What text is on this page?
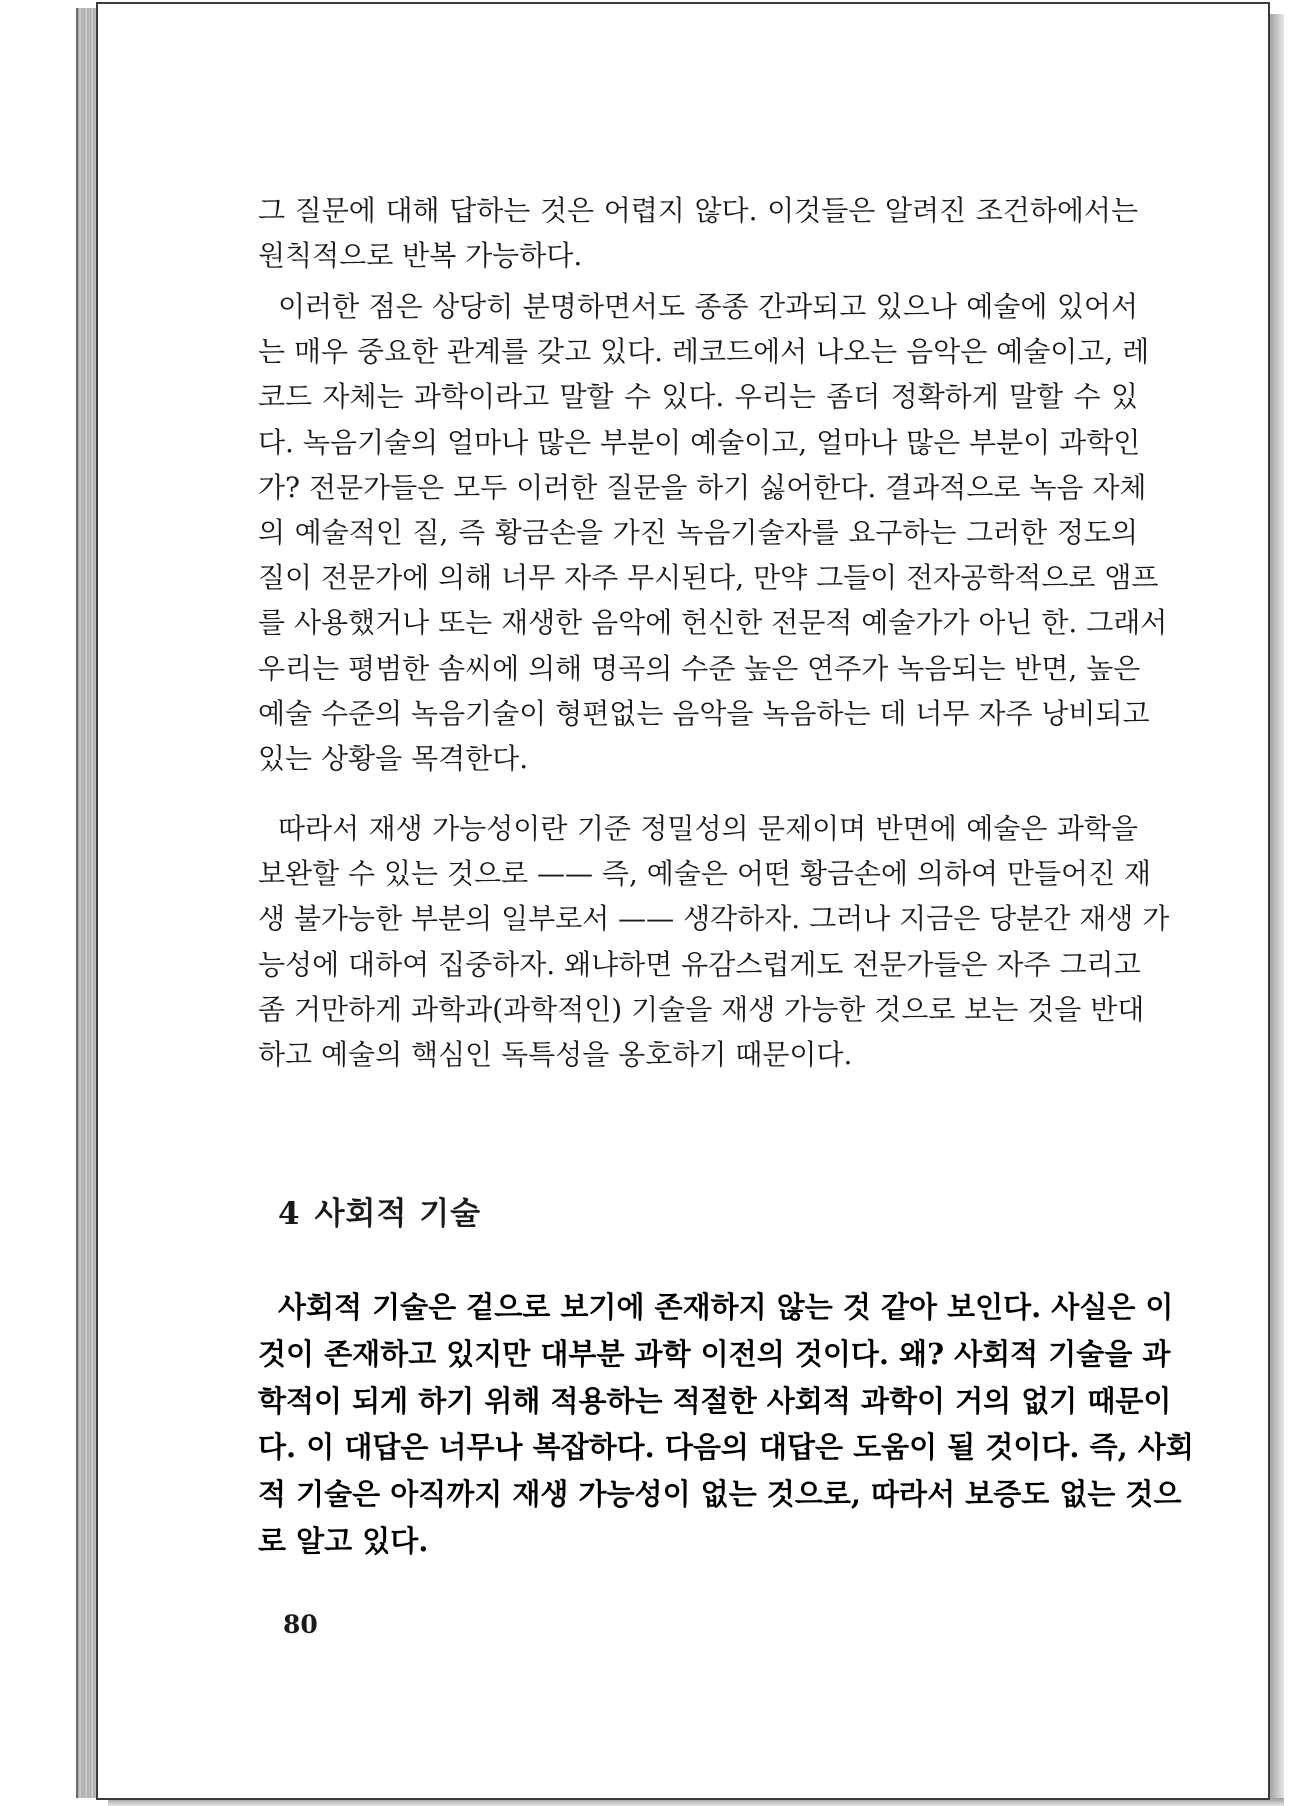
그 질문에 대해 답하는 것은 어렵지 않다. 이것들은 알려진 조건하에서는
원칙적으로 반복 가능하다.
이러한 점은 상당히 분명하면서도 종종 간과되고 있으나 예술에 있어서
는 매우 중요한 관계를 갖고 있다. 레코드에서 나오는 음악은 예술이고, 레
코드 자체는 과학이라고 말할 수 있다. 우리는 좀더 정확하게 말할 수 있
다. 녹음기술의 얼마나 많은 부분이 예술이고, 얼마나 많은 부분이 과학인
가? 전문가들은 모두 이러한 질문을 하기 싫어한다. 결과적으로 녹음 자체
의 예술적인 질, 즉 황금손을 가진 녹음기술자를 요구하는 그러한 정도의
질이 전문가에 의해 너무 자주 무시된다, 만약 그들이 전자공학적으로 앰프
를 사용했거나 또는 재생한 음악에 헌신한 전문적 예술가가 아닌 한. 그래서
우리는 평범한 솜씨에 의해 명곡의 수준 높은 연주가 녹음되는 반면, 높은
예술 수준의 녹음기술이 형편없는 음악을 녹음하는 데 너무 자주 낭비되고
있는 상황을 목격한다.
따라서 재생 가능성이란 기준 정밀성의 문제이며 반면에 예술은 과학을
보완할 수 있는 것으로 —— 즉, 예술은 어떤 황금손에 의하여 만들어진 재
생 불가능한 부분의 일부로서 —— 생각하자. 그러나 지금은 당분간 재생 가
능성에 대하여 집중하자. 왜냐하면 유감스럽게도 전문가들은 자주 그리고
좀 거만하게 과학과(과학적인) 기술을 재생 가능한 것으로 보는 것을 반대
하고 예술의 핵심인 독특성을 옹호하기 때문이다.
4 사회적 기술
사회적 기술은 겉으로 보기에 존재하지 않는 것 같아 보인다. 사실은 이
것이 존재하고 있지만 대부분 과학 이전의 것이다. 왜? 사회적 기술을 과
학적이 되게 하기 위해 적용하는 적절한 사회적 과학이 거의 없기 때문이
다. 이 대답은 너무나 복잡하다. 다음의 대답은 도움이 될 것이다. 즉, 사회
적 기술은 아직까지 재생 가능성이 없는 것으로, 따라서 보증도 없는 것으
로 알고 있다.

80
